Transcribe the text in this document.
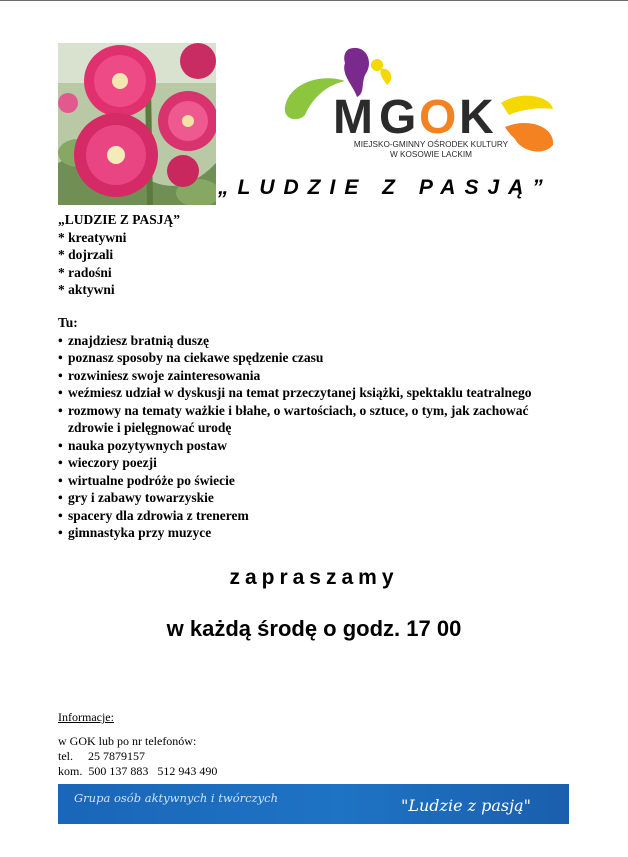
M G O K
MIEJSKO-GMINNY OŚRODEK KULTURY
W KOSOWIE LACKIM
„LUDZIE Z PASJĄ”
„LUDZIE Z PASJĄ”
* kreatywni
* dojrzali
* radośni
* aktywni
Tu:
• znajdziesz bratnią duszę
• poznasz sposoby na ciekawe spędzenie czasu
• rozwiniesz swoje zainteresowania
• weźmiesz udział w dyskusji na temat przeczytanej książki, spektaklu teatralnego
• rozmowy na tematy ważkie i błahe, o wartościach, o sztuce, o tym, jak zachować zdrowie i pielęgnować urodę
• nauka pozytywnych postaw
• wieczory poezji
• wirtualne podróże po świecie
• gry i zabawy towarzyskie
• spacery dla zdrowia z trenerem
• gimnastyka przy muzyce
zapraszamy
w każdą środę o godz. 17 00
Informacje:
w GOK lub po nr telefonów:
tel.     25 7879157
kom.  500 137 883   512 943 490
Grupa osób aktywnych i twórczych	"Ludzie z pasją"
